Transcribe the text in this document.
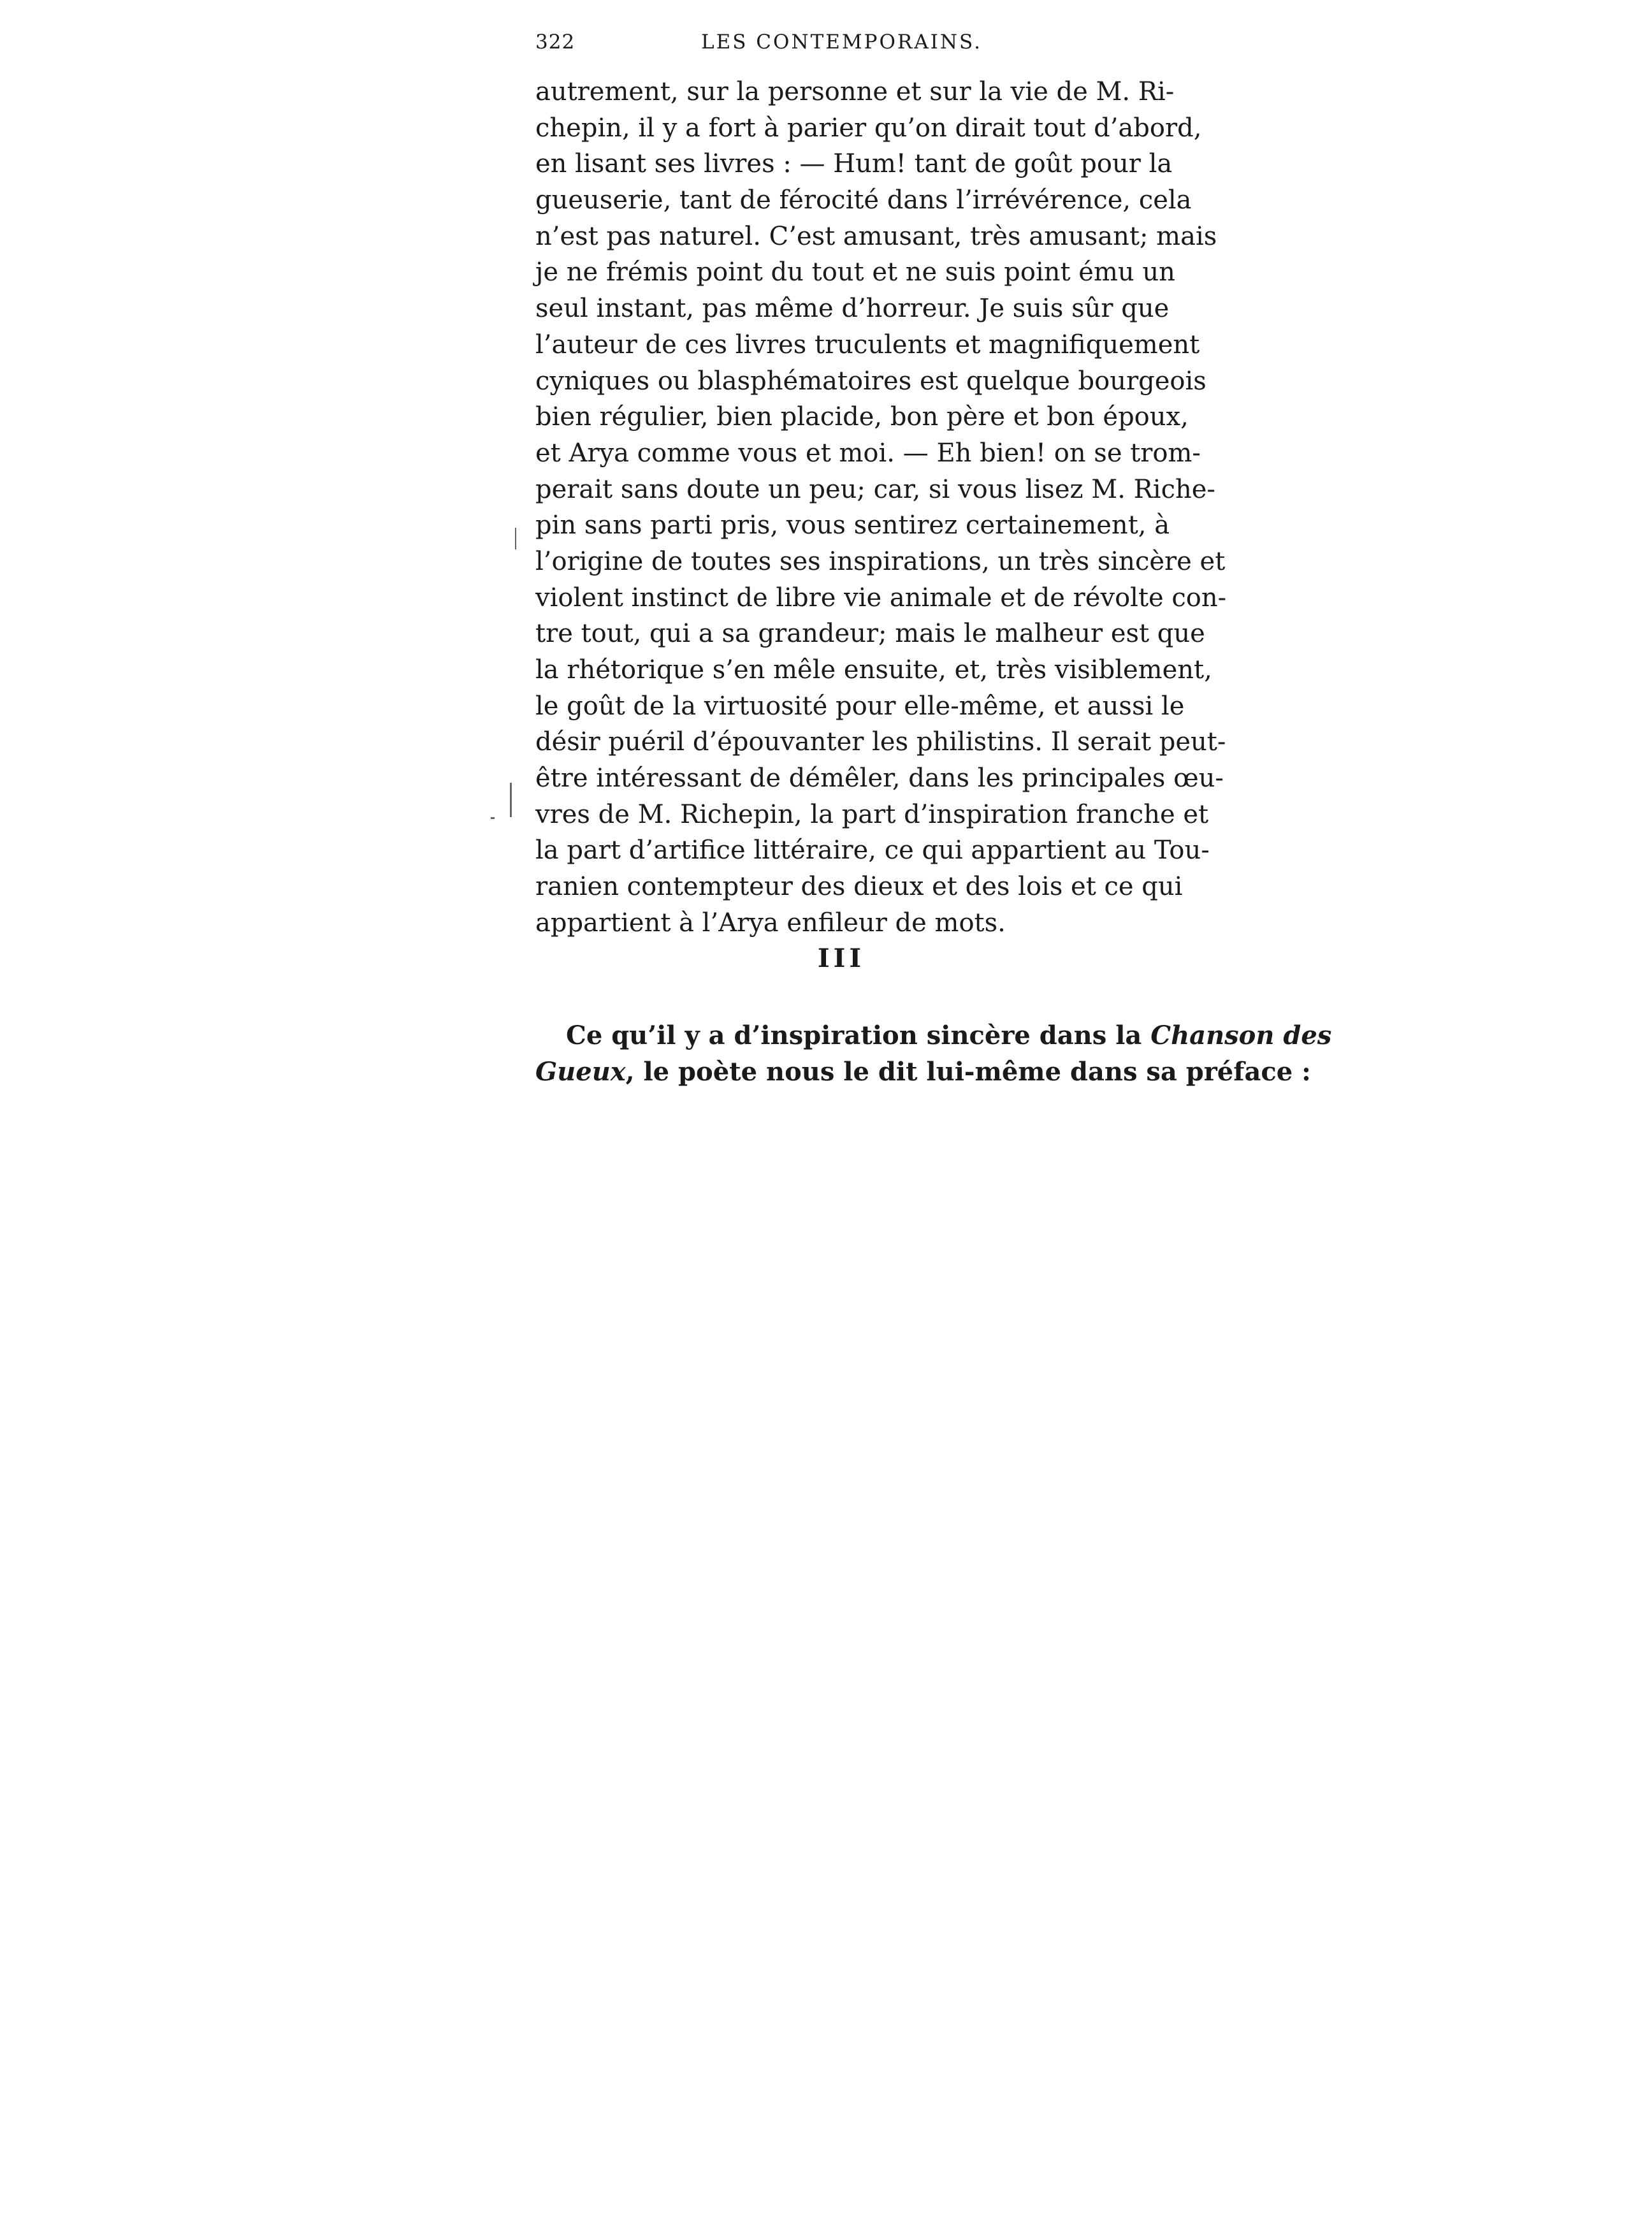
322	LES CONTEMPORAINS.
autrement, sur la personne et sur la vie de M. Ri-
chepin, il y a fort à parier qu’on dirait tout d’abord,
en lisant ses livres : — Hum! tant de goût pour la
gueuserie, tant de férocité dans l’irrévérence, cela
n’est pas naturel. C’est amusant, très amusant; mais
je ne frémis point du tout et ne suis point ému un
seul instant, pas même d’horreur. Je suis sûr que
l’auteur de ces livres truculents et magnifiquement
cyniques ou blasphématoires est quelque bourgeois
bien régulier, bien placide, bon père et bon époux,
et Arya comme vous et moi. — Eh bien! on se trom-
perait sans doute un peu; car, si vous lisez M. Riche-
pin sans parti pris, vous sentirez certainement, à
l’origine de toutes ses inspirations, un très sincère et
violent instinct de libre vie animale et de révolte con-
tre tout, qui a sa grandeur; mais le malheur est que
la rhétorique s’en mêle ensuite, et, très visiblement,
le goût de la virtuosité pour elle-même, et aussi le
désir puéril d’épouvanter les philistins. Il serait peut-
être intéressant de démêler, dans les principales œu-
vres de M. Richepin, la part d’inspiration franche et
la part d’artifice littéraire, ce qui appartient au Tou-
ranien contempteur des dieux et des lois et ce qui
appartient à l’Arya enfileur de mots.
III
Ce qu’il y a d’inspiration sincère dans la Chanson des
Gueux, le poète nous le dit lui-même dans sa préface :
